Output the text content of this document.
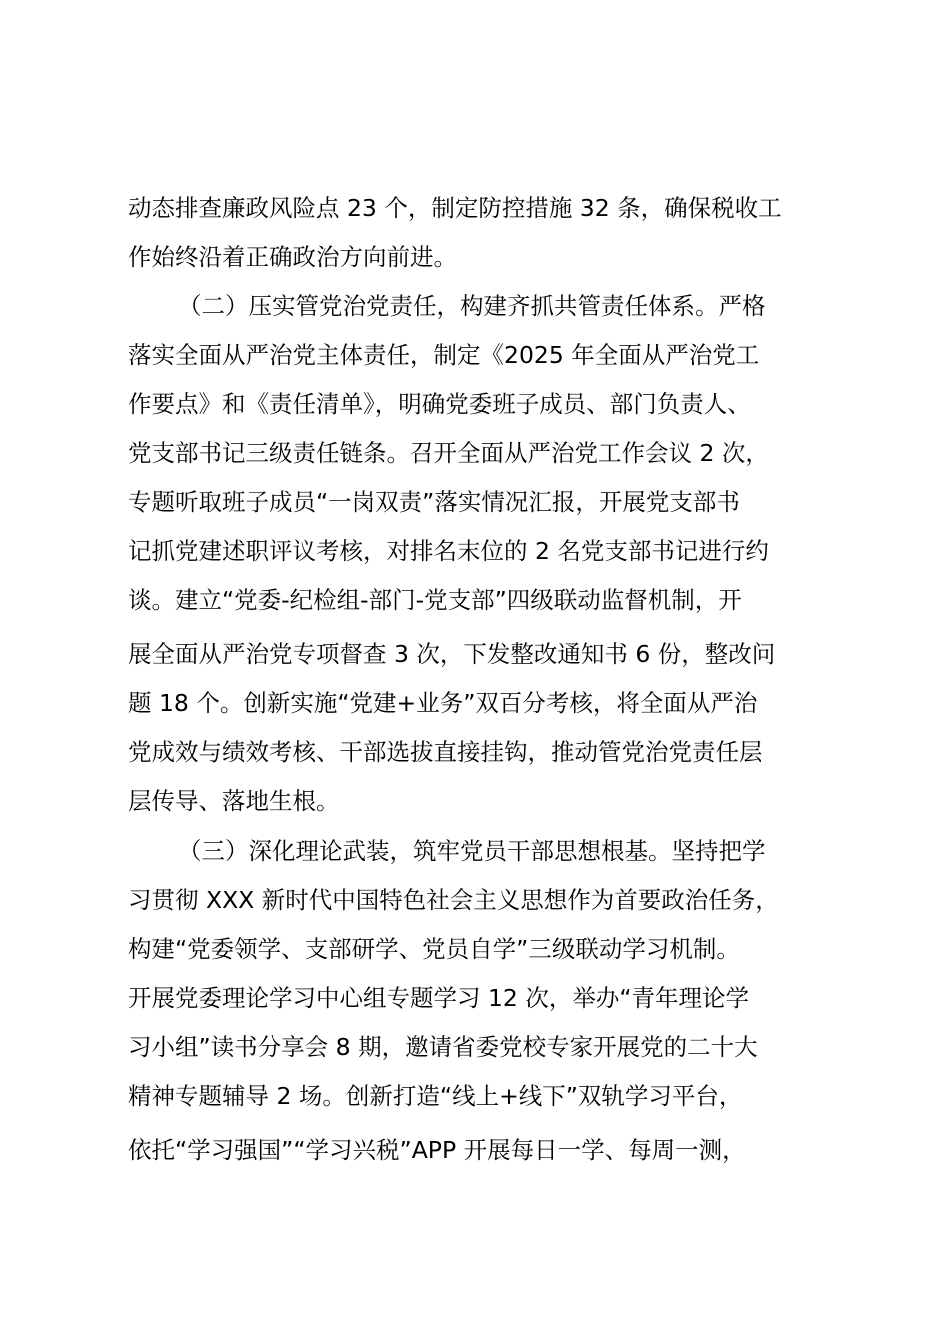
动态排查廉政风险点 23 个，制定防控措施 32 条，确保税收工
作始终沿着正确政治方向前进。
（二）压实管党治党责任，构建齐抓共管责任体系。严格
落实全面从严治党主体责任，制定《2025 年全面从严治党工
作要点》和《责任清单》，明确党委班子成员、部门负责人、
党支部书记三级责任链条。召开全面从严治党工作会议 2 次，
专题听取班子成员“一岗双责”落实情况汇报，开展党支部书
记抓党建述职评议考核，对排名末位的 2 名党支部书记进行约
谈。建立“党委-纪检组-部门-党支部”四级联动监督机制，开
展全面从严治党专项督查 3 次，下发整改通知书 6 份，整改问
题 18 个。创新实施“党建+业务”双百分考核，将全面从严治
党成效与绩效考核、干部选拔直接挂钩，推动管党治党责任层
层传导、落地生根。
（三）深化理论武装，筑牢党员干部思想根基。坚持把学
习贯彻 XXX 新时代中国特色社会主义思想作为首要政治任务，
构建“党委领学、支部研学、党员自学”三级联动学习机制。
开展党委理论学习中心组专题学习 12 次，举办“青年理论学
习小组”读书分享会 8 期，邀请省委党校专家开展党的二十大
精神专题辅导 2 场。创新打造“线上+线下”双轨学习平台，
依托“学习强国”“学习兴税”APP 开展每日一学、每周一测，
